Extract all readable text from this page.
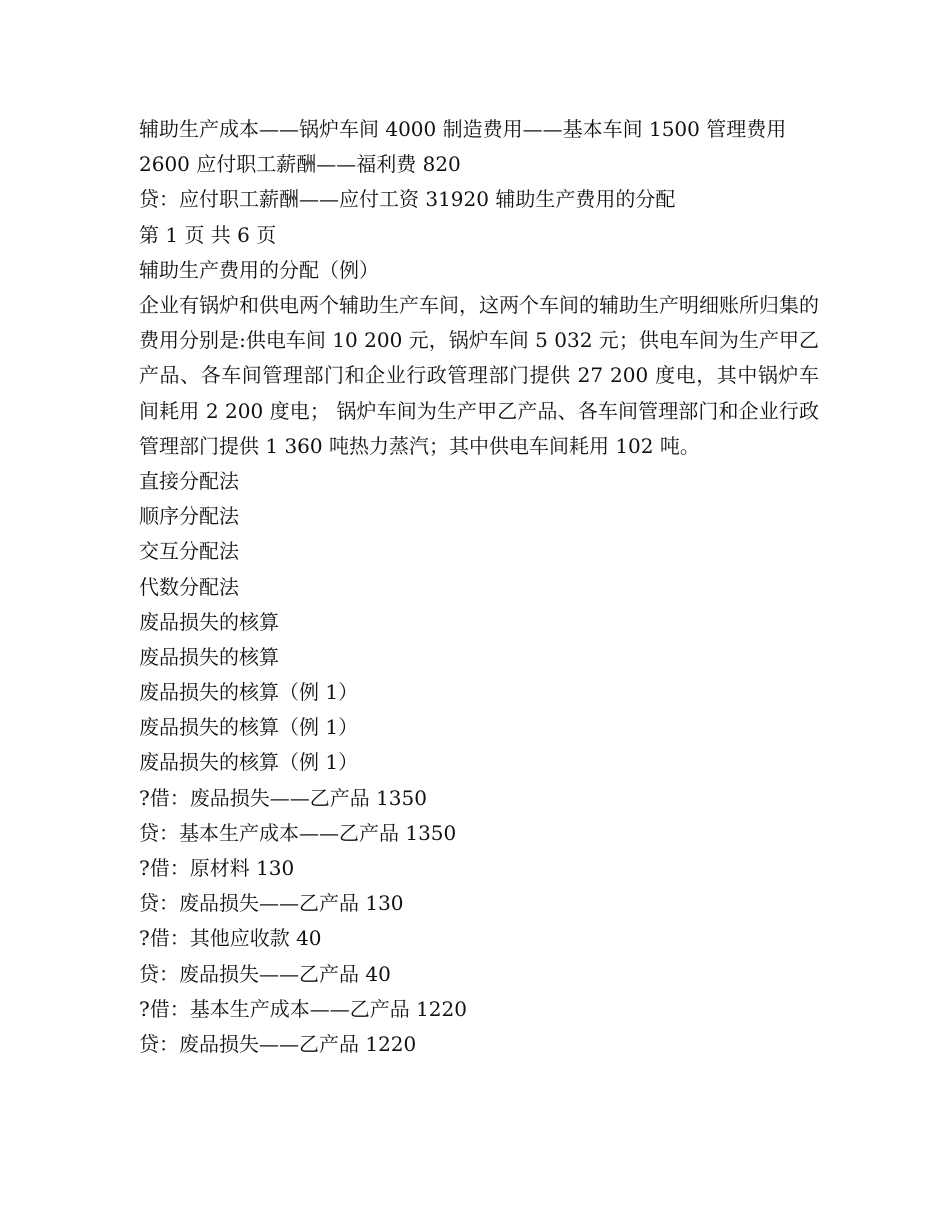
辅助生产成本——锅炉车间 4000 制造费用——基本车间 1500 管理费用
2600 应付职工薪酬——福利费 820
贷：应付职工薪酬——应付工资 31920 辅助生产费用的分配
第 1 页 共 6 页
辅助生产费用的分配（例）
企业有锅炉和供电两个辅助生产车间，这两个车间的辅助生产明细账所归集的费用分别是:供电车间 10 200 元，锅炉车间 5 032 元；供电车间为生产甲乙产品、各车间管理部门和企业行政管理部门提供 27 200 度电，其中锅炉车间耗用 2 200 度电； 锅炉车间为生产甲乙产品、各车间管理部门和企业行政管理部门提供 1 360 吨热力蒸汽；其中供电车间耗用 102 吨。
直接分配法
顺序分配法
交互分配法
代数分配法
废品损失的核算
废品损失的核算
废品损失的核算（例 1）
废品损失的核算（例 1）
废品损失的核算（例 1）
?借：废品损失——乙产品 1350
贷：基本生产成本——乙产品 1350
?借：原材料 130
贷：废品损失——乙产品 130
?借：其他应收款 40
贷：废品损失——乙产品 40
?借：基本生产成本——乙产品 1220
贷：废品损失——乙产品 1220
